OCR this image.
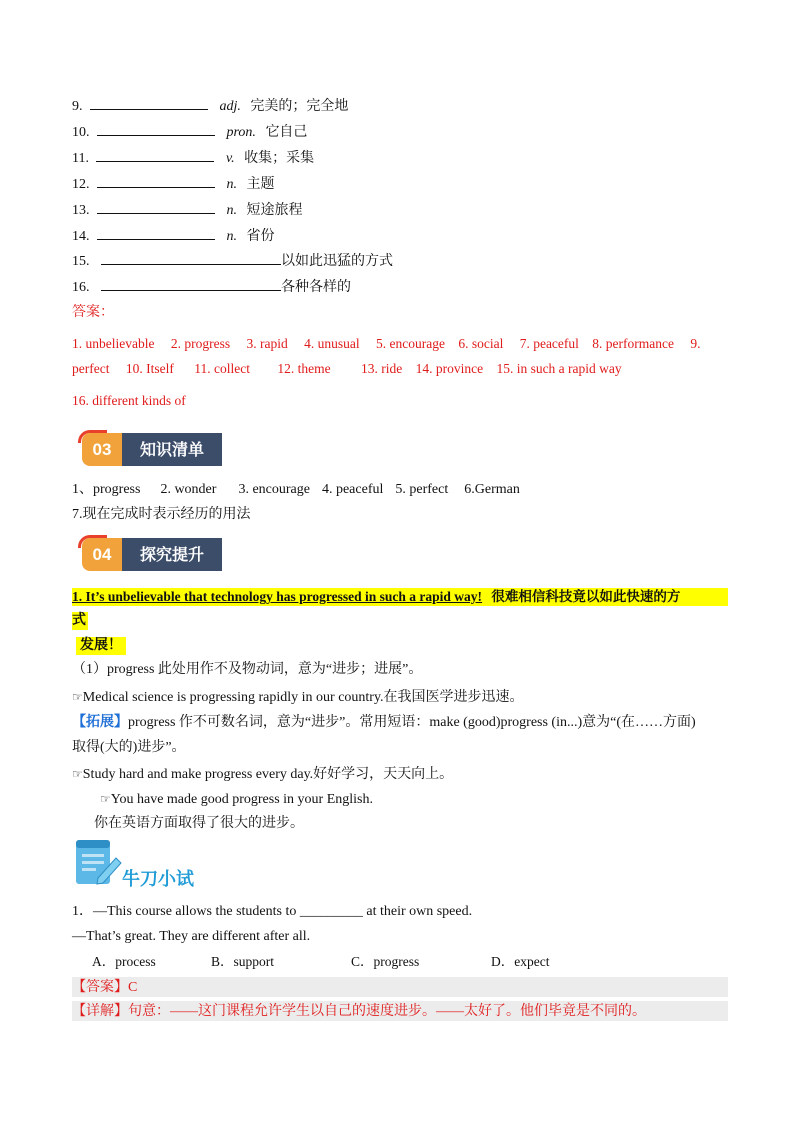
9.	adj. 完美的；完全地
10.	pron. 它自己
11.	v. 收集；采集
12.	n. 主题
13.	n. 短途旅程
14.	n. 省份
15.	以如此迅猛的方式
16.	各种各样的
答案：
1. unbelievable 2. progress 3. rapid 4. unusual 5. encourage 6. social 7. peaceful 8. performance 9.
perfect 10. Itself 11. collect 12. theme 13. ride 14. province 15. in such a rapid way
16. different kinds of
03	知识清单
1、progress 2. wonder 3. encourage 4. peaceful 5. perfect 6.German
7.现在完成时表示经历的用法
04	探究提升
1. It’s unbelievable that technology has progressed in such a rapid way! 很难相信科技竟以如此快速的方
式
发展！
（1）progress 此处用作不及物动词，意为“进步；进展”。
☞Medical science is progressing rapidly in our country.在我国医学进步迅速。
【拓展】progress 作不可数名词，意为“进步”。常用短语：make (good)progress (in...)意为“(在……方面)
取得(大的)进步”。
☞Study hard and make progress every day.好好学习，天天向上。
☞You have made good progress in your English.
你在英语方面取得了很大的进步。
牛刀小试
1．—This course allows the students to _________ at their own speed.
—That’s great. They are different after all.
A．process	B．support	C．progress	D．expect
【答案】C
【详解】句意：——这门课程允许学生以自己的速度进步。——太好了。他们毕竟是不同的。
